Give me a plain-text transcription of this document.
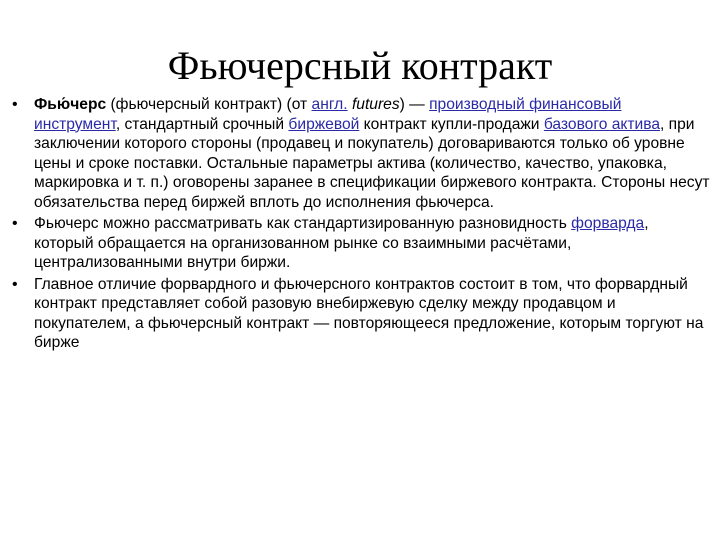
Фьючерсный контракт
• Фью́черс (фьючерсный контракт) (от англ. futures) — производный финансовый инструмент, стандартный срочный биржевой контракт купли-продажи базового актива, при заключении которого стороны (продавец и покупатель) договариваются только об уровне цены и сроке поставки. Остальные параметры актива (количество, качество, упаковка, маркировка и т. п.) оговорены заранее в спецификации биржевого контракта. Стороны несут обязательства перед биржей вплоть до исполнения фьючерса.
• Фьючерс можно рассматривать как стандартизированную разновидность форварда, который обращается на организованном рынке со взаимными расчётами, централизованными внутри биржи.
• Главное отличие форвардного и фьючерсного контрактов состоит в том, что форвардный контракт представляет собой разовую внебиржевую сделку между продавцом и покупателем, а фьючерсный контракт — повторяющееся предложение, которым торгуют на бирже
